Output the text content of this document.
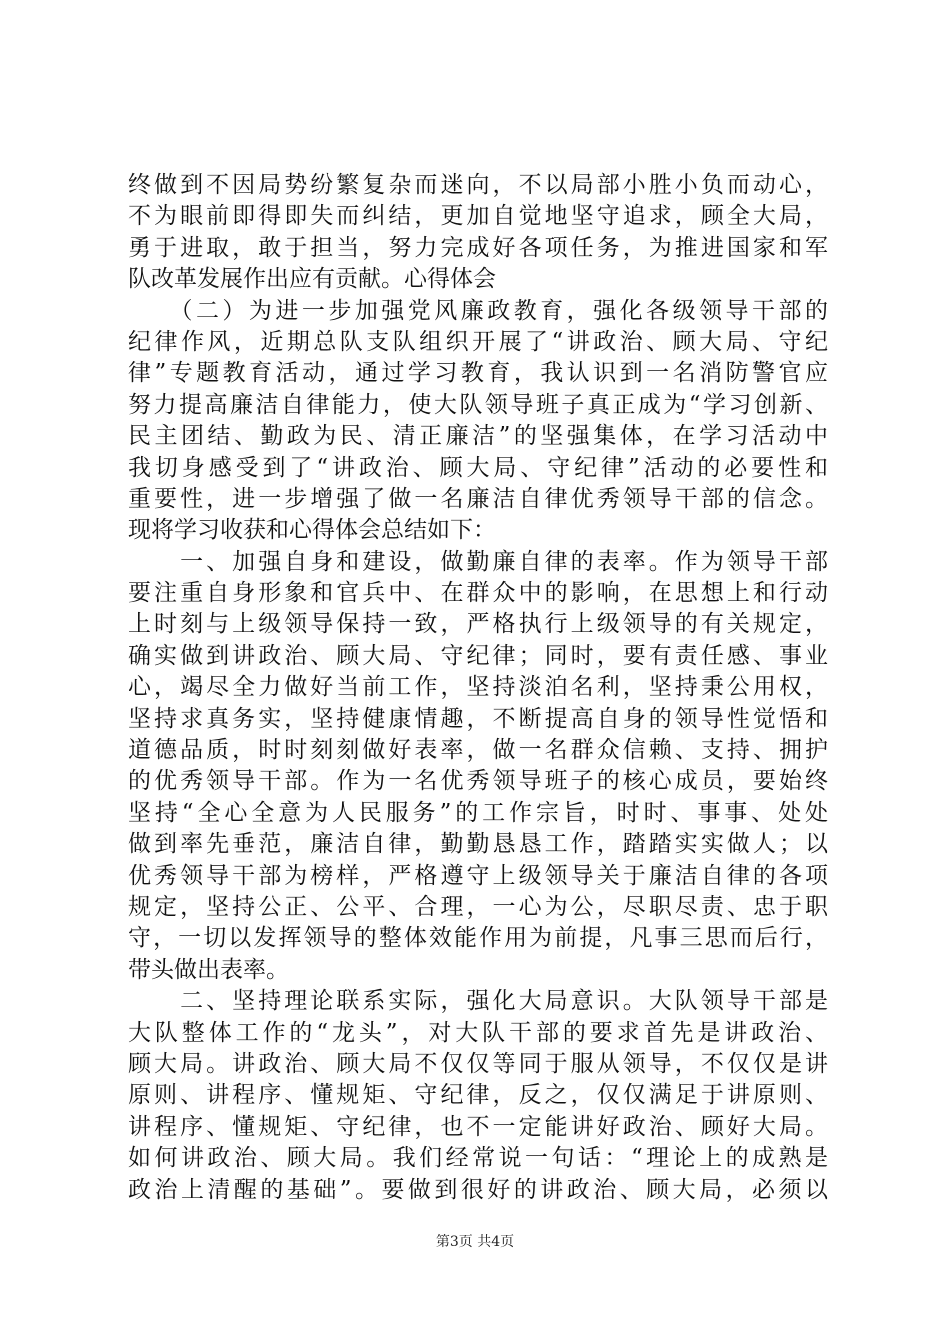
终做到不因局势纷繁复杂而迷向，不以局部小胜小负而动心，
不为眼前即得即失而纠结，更加自觉地坚守追求，顾全大局，
勇于进取，敢于担当，努力完成好各项任务，为推进国家和军
队改革发展作出应有贡献。心得体会
　　（二）为进一步加强党风廉政教育，强化各级领导干部的
纪律作风，近期总队支队组织开展了“讲政治、顾大局、守纪
律”专题教育活动，通过学习教育，我认识到一名消防警官应
努力提高廉洁自律能力，使大队领导班子真正成为“学习创新、
民主团结、勤政为民、清正廉洁”的坚强集体，在学习活动中
我切身感受到了“讲政治、顾大局、守纪律”活动的必要性和
重要性，进一步增强了做一名廉洁自律优秀领导干部的信念。
现将学习收获和心得体会总结如下：
　　一、加强自身和建设，做勤廉自律的表率。作为领导干部
要注重自身形象和官兵中、在群众中的影响，在思想上和行动
上时刻与上级领导保持一致，严格执行上级领导的有关规定，
确实做到讲政治、顾大局、守纪律；同时，要有责任感、事业
心，竭尽全力做好当前工作，坚持淡泊名利，坚持秉公用权，
坚持求真务实，坚持健康情趣，不断提高自身的领导性觉悟和
道德品质，时时刻刻做好表率，做一名群众信赖、支持、拥护
的优秀领导干部。作为一名优秀领导班子的核心成员，要始终
坚持“全心全意为人民服务”的工作宗旨，时时、事事、处处
做到率先垂范，廉洁自律，勤勤恳恳工作，踏踏实实做人；以
优秀领导干部为榜样，严格遵守上级领导关于廉洁自律的各项
规定，坚持公正、公平、合理，一心为公，尽职尽责、忠于职
守，一切以发挥领导的整体效能作用为前提，凡事三思而后行，
带头做出表率。
　　二、坚持理论联系实际，强化大局意识。大队领导干部是
大队整体工作的“龙头”，对大队干部的要求首先是讲政治、
顾大局。讲政治、顾大局不仅仅等同于服从领导，不仅仅是讲
原则、讲程序、懂规矩、守纪律，反之，仅仅满足于讲原则、
讲程序、懂规矩、守纪律，也不一定能讲好政治、顾好大局。
如何讲政治、顾大局。我们经常说一句话：“理论上的成熟是
政治上清醒的基础”。要做到很好的讲政治、顾大局，必须以
第3页 共4页
